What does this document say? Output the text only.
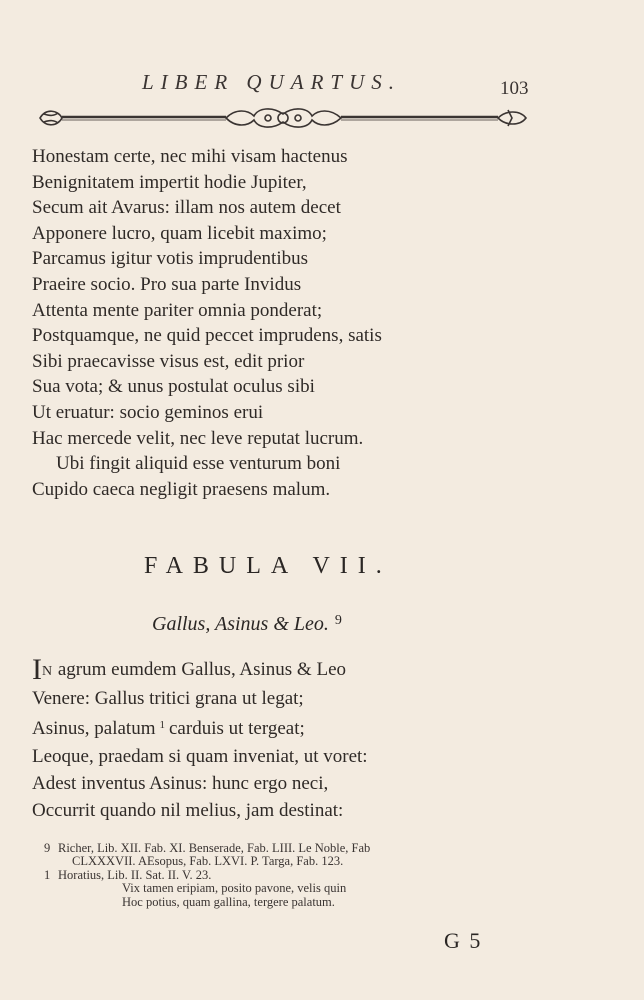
LIBER QUARTUS.	103
Honestam certe, nec mihi visam hactenus
Benignitatem impertit hodie Jupiter,
Secum ait Avarus: illam nos autem decet
Apponere lucro, quam licebit maximo;
Parcamus igitur votis imprudentibus
Praeire socio. Pro sua parte Invidus
Attenta mente pariter omnia ponderat;
Postquamque, ne quid peccet imprudens, satis
Sibi praecavisse visus est, edit prior
Sua vota; & unus postulat oculus sibi
Ut eruatur: socio geminos erui
Hac mercede velit, nec leve reputat lucrum.
Ubi fingit aliquid esse venturum boni
Cupido caeca negligit praesens malum.
FABULA VII.
Gallus, Asinus & Leo. $^9$
IN agrum eumdem Gallus, Asinus & Leo
Venere: Gallus tritici grana ut legat;
Asinus, palatum $^1$ carduis ut tergeat;
Leoque, praedam si quam inveniat, ut voret:
Adest inventus Asinus: hunc ergo neci,
Occurrit quando nil melius, jam destinat:
9 Richer, Lib. XII. Fab. XI. Benserade, Fab. LIII. Le Noble, Fab
CLXXXVII. AEsopus, Fab. LXVI. P. Targa, Fab. 123.
1 Horatius, Lib. II. Sat. II. V. 23.
Vix tamen eripiam, posito pavone, velis quin
Hoc potius, quam gallina, tergere palatum.
G 5
